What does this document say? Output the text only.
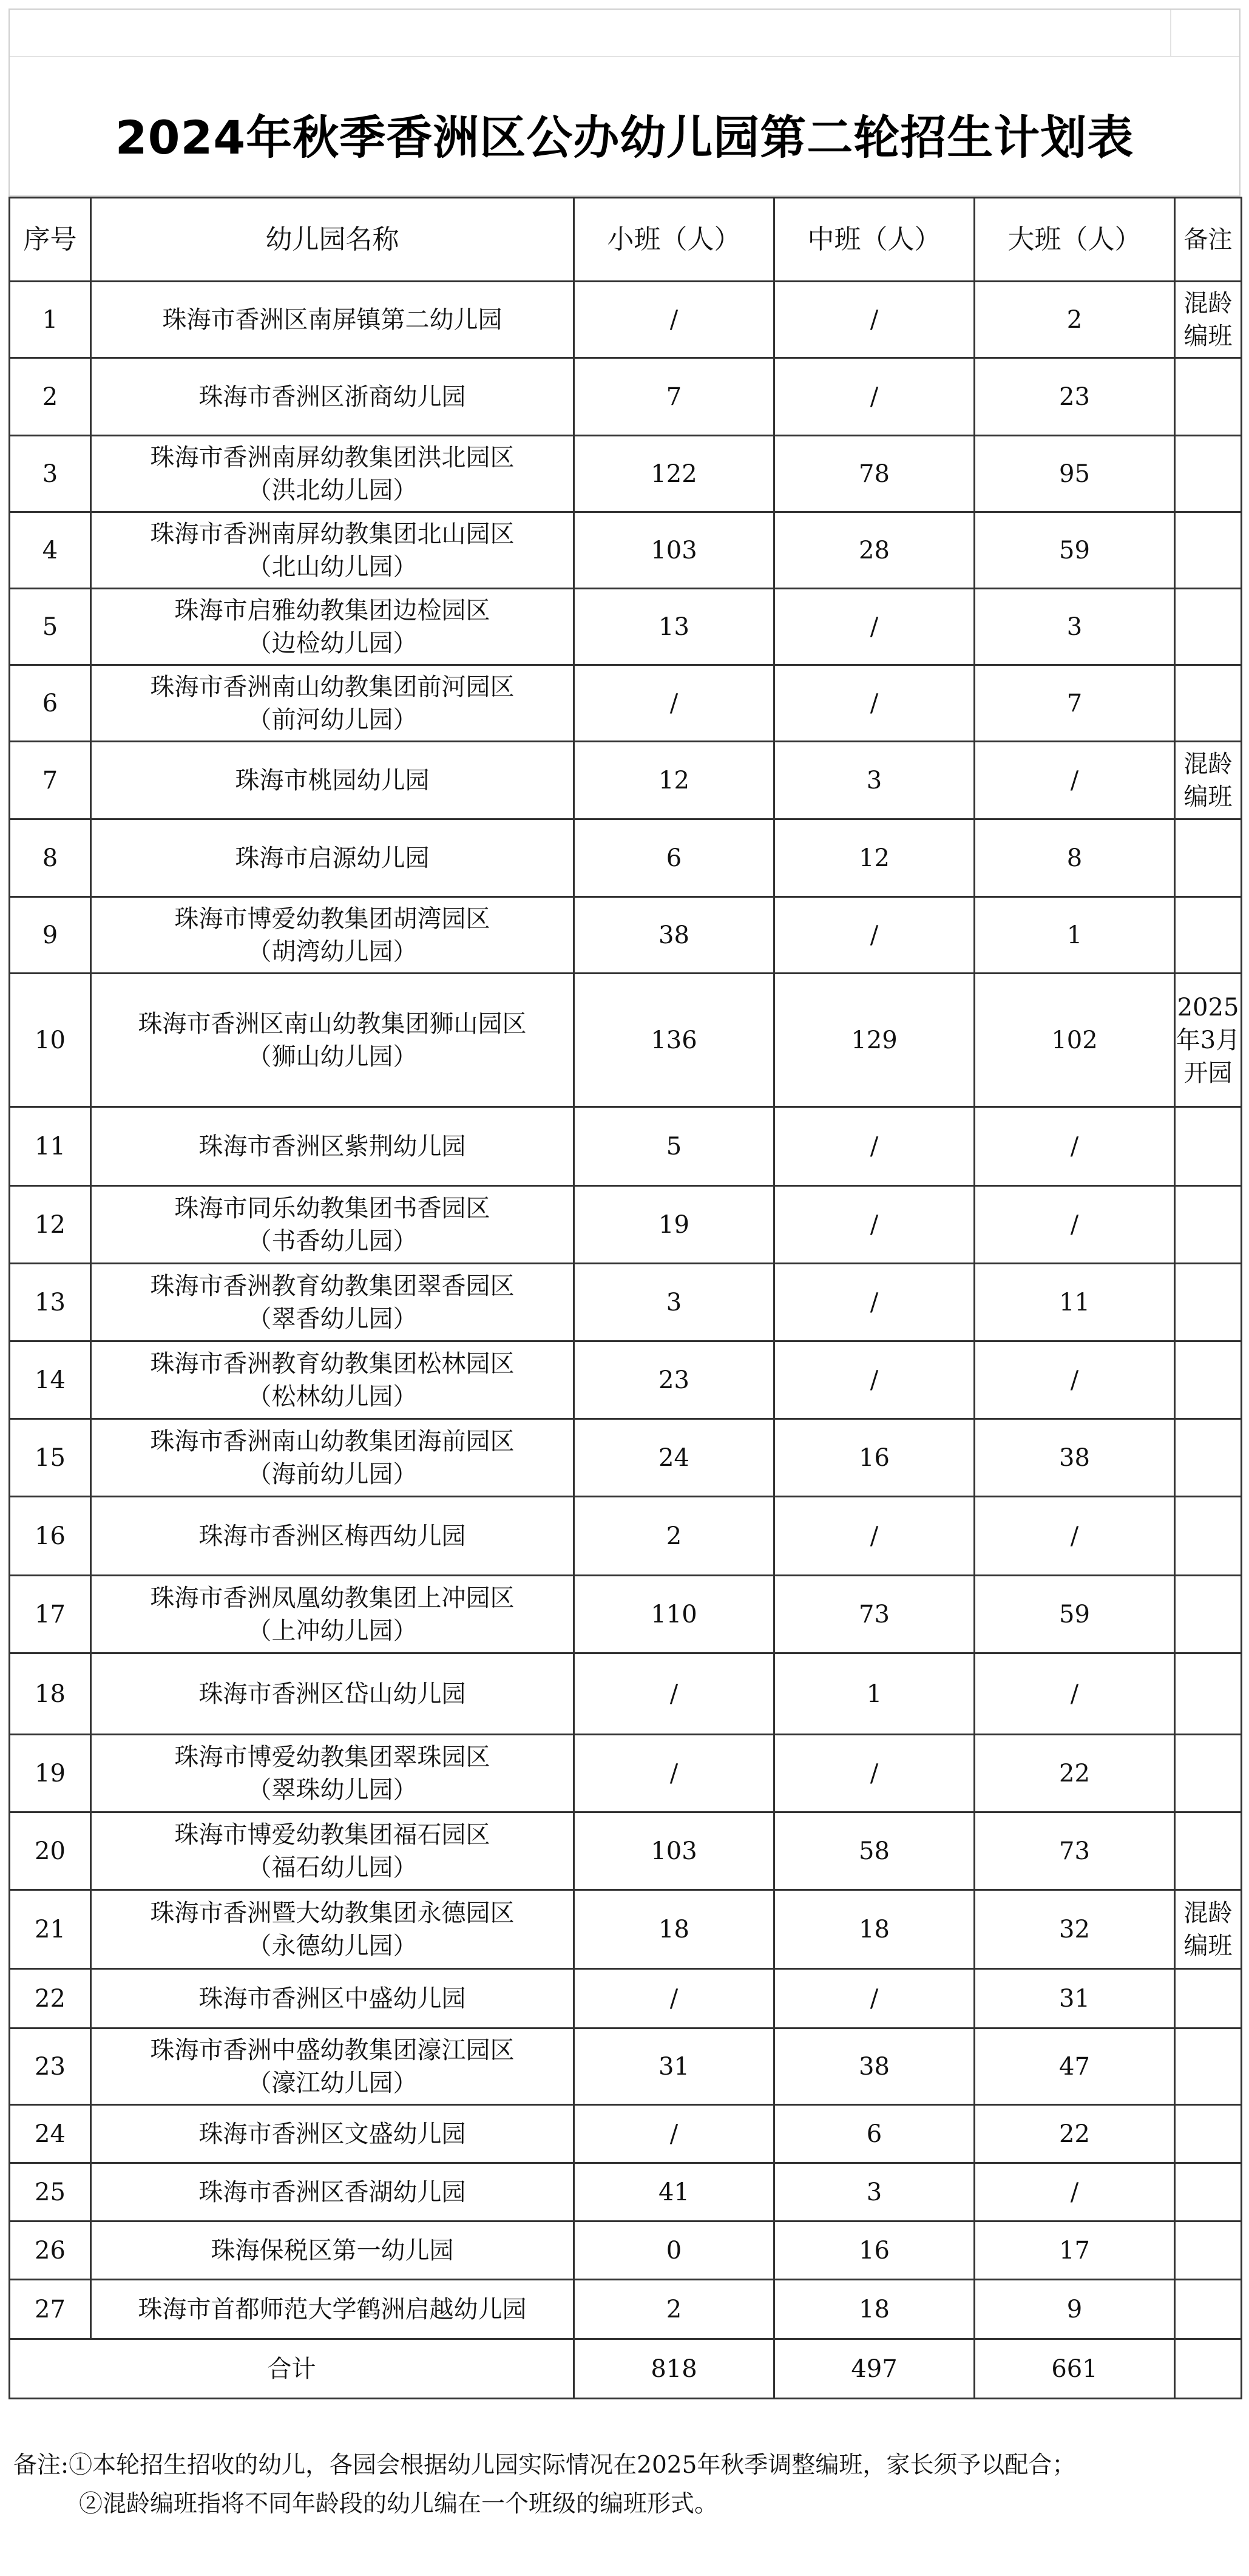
2024年秋季香洲区公办幼儿园第二轮招生计划表
序号	幼儿园名称	小班（人）	中班（人）	大班（人）	备注
1	珠海市香洲区南屏镇第二幼儿园	/	/	2	混龄编班
2	珠海市香洲区浙商幼儿园	7	/	23	
3	珠海市香洲南屏幼教集团洪北园区
（洪北幼儿园）	122	78	95	
4	珠海市香洲南屏幼教集团北山园区
（北山幼儿园）	103	28	59	
5	珠海市启雅幼教集团边检园区
（边检幼儿园）	13	/	3	
6	珠海市香洲南山幼教集团前河园区
（前河幼儿园）	/	/	7	
7	珠海市桃园幼儿园	12	3	/	混龄编班
8	珠海市启源幼儿园	6	12	8	
9	珠海市博爱幼教集团胡湾园区
（胡湾幼儿园）	38	/	1	
10	珠海市香洲区南山幼教集团狮山园区
（狮山幼儿园）	136	129	102	2025年3月开园
11	珠海市香洲区紫荆幼儿园	5	/	/	
12	珠海市同乐幼教集团书香园区
（书香幼儿园）	19	/	/	
13	珠海市香洲教育幼教集团翠香园区
（翠香幼儿园）	3	/	11	
14	珠海市香洲教育幼教集团松林园区
（松林幼儿园）	23	/	/	
15	珠海市香洲南山幼教集团海前园区
（海前幼儿园）	24	16	38	
16	珠海市香洲区梅西幼儿园	2	/	/	
17	珠海市香洲凤凰幼教集团上冲园区
（上冲幼儿园）	110	73	59	
18	珠海市香洲区岱山幼儿园	/	1	/	
19	珠海市博爱幼教集团翠珠园区
（翠珠幼儿园）	/	/	22	
20	珠海市博爱幼教集团福石园区
（福石幼儿园）	103	58	73	
21	珠海市香洲暨大幼教集团永德园区
（永德幼儿园）	18	18	32	混龄编班
22	珠海市香洲区中盛幼儿园	/	/	31	
23	珠海市香洲中盛幼教集团濠江园区
（濠江幼儿园）	31	38	47	
24	珠海市香洲区文盛幼儿园	/	6	22	
25	珠海市香洲区香湖幼儿园	41	3	/	
26	珠海保税区第一幼儿园	0	16	17	
27	珠海市首都师范大学鹤洲启越幼儿园	2	18	9	
合计		818	497	661	
备注:①本轮招生招收的幼儿，各园会根据幼儿园实际情况在2025年秋季调整编班，家长须予以配合；
②混龄编班指将不同年龄段的幼儿编在一个班级的编班形式。
